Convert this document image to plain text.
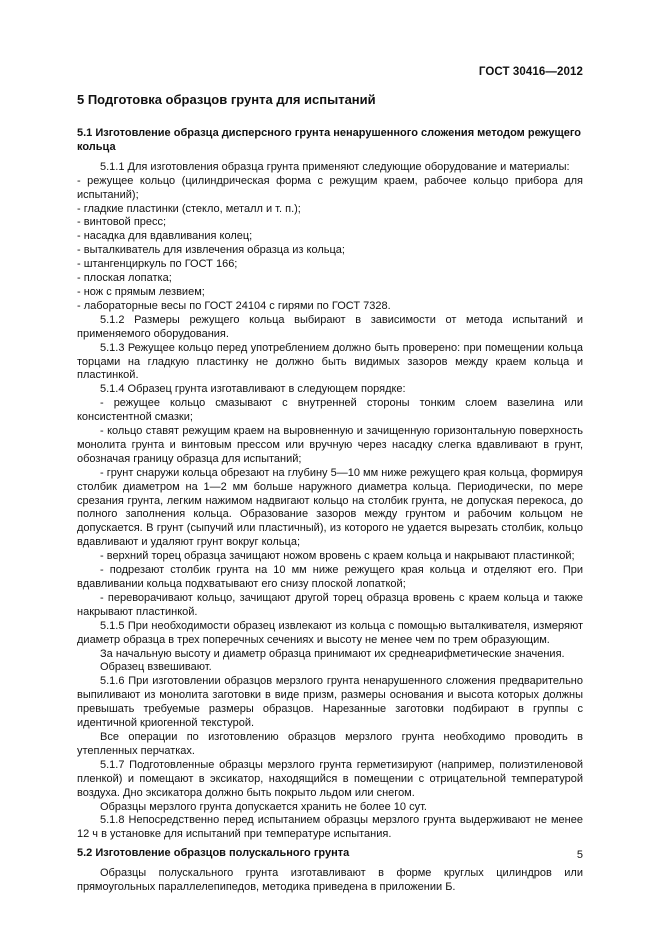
ГОСТ 30416—2012
5 Подготовка образцов грунта для испытаний
5.1 Изготовление образца дисперсного грунта ненарушенного сложения методом режущего кольца

5.1.1 Для изготовления образца грунта применяют следующие оборудование и материалы:

- режущее кольцо (цилиндрическая форма с режущим краем, рабочее кольцо прибора для испытаний);

- гладкие пластинки (стекло, металл и т. п.);

- винтовой пресс;

- насадка для вдавливания колец;

- выталкиватель для извлечения образца из кольца;

- штангенциркуль по ГОСТ 166;

- плоская лопатка;

- нож с прямым лезвием;

- лабораторные весы по ГОСТ 24104 с гирями по ГОСТ 7328.

5.1.2 Размеры режущего кольца выбирают в зависимости от метода испытаний и применяемого оборудования.

5.1.3 Режущее кольцо перед употреблением должно быть проверено: при помещении кольца торцами на гладкую пластинку не должно быть видимых зазоров между краем кольца и пластинкой.

5.1.4 Образец грунта изготавливают в следующем порядке:

- режущее кольцо смазывают с внутренней стороны тонким слоем вазелина или консистентной смазки;

- кольцо ставят режущим краем на выровненную и зачищенную горизонтальную поверхность монолита грунта и винтовым прессом или вручную через насадку слегка вдавливают в грунт, обозначая границу образца для испытаний;

- грунт снаружи кольца обрезают на глубину 5—10 мм ниже режущего края кольца, формируя столбик диаметром на 1—2 мм больше наружного диаметра кольца. Периодически, по мере срезания грунта, легким нажимом надвигают кольцо на столбик грунта, не допуская перекоса, до полного заполнения кольца. Образование зазоров между грунтом и рабочим кольцом не допускается. В грунт (сыпучий или пластичный), из которого не удается вырезать столбик, кольцо вдавливают и удаляют грунт вокруг кольца;

- верхний торец образца зачищают ножом вровень с краем кольца и накрывают пластинкой;

- подрезают столбик грунта на 10 мм ниже режущего края кольца и отделяют его. При вдавливании кольца подхватывают его снизу плоской лопаткой;

- переворачивают кольцо, зачищают другой торец образца вровень с краем кольца и также накрывают пластинкой.

5.1.5 При необходимости образец извлекают из кольца с помощью выталкивателя, измеряют диаметр образца в трех поперечных сечениях и высоту не менее чем по трем образующим.

За начальную высоту и диаметр образца принимают их среднеарифметические значения.

Образец взвешивают.

5.1.6 При изготовлении образцов мерзлого грунта ненарушенного сложения предварительно выпиливают из монолита заготовки в виде призм, размеры основания и высота которых должны превышать требуемые размеры образцов. Нарезанные заготовки подбирают в группы с идентичной криогенной текстурой.

Все операции по изготовлению образцов мерзлого грунта необходимо проводить в утепленных перчатках.

5.1.7 Подготовленные образцы мерзлого грунта герметизируют (например, полиэтиленовой пленкой) и помещают в эксикатор, находящийся в помещении с отрицательной температурой воздуха. Дно эксикатора должно быть покрыто льдом или снегом.

Образцы мерзлого грунта допускается хранить не более 10 сут.

5.1.8 Непосредственно перед испытанием образцы мерзлого грунта выдерживают не менее 12 ч в установке для испытаний при температуре испытания.

5.2 Изготовление образцов полускального грунта

Образцы полускального грунта изготавливают в форме круглых цилиндров или прямоугольных параллелепипедов, методика приведена в приложении Б.

5
